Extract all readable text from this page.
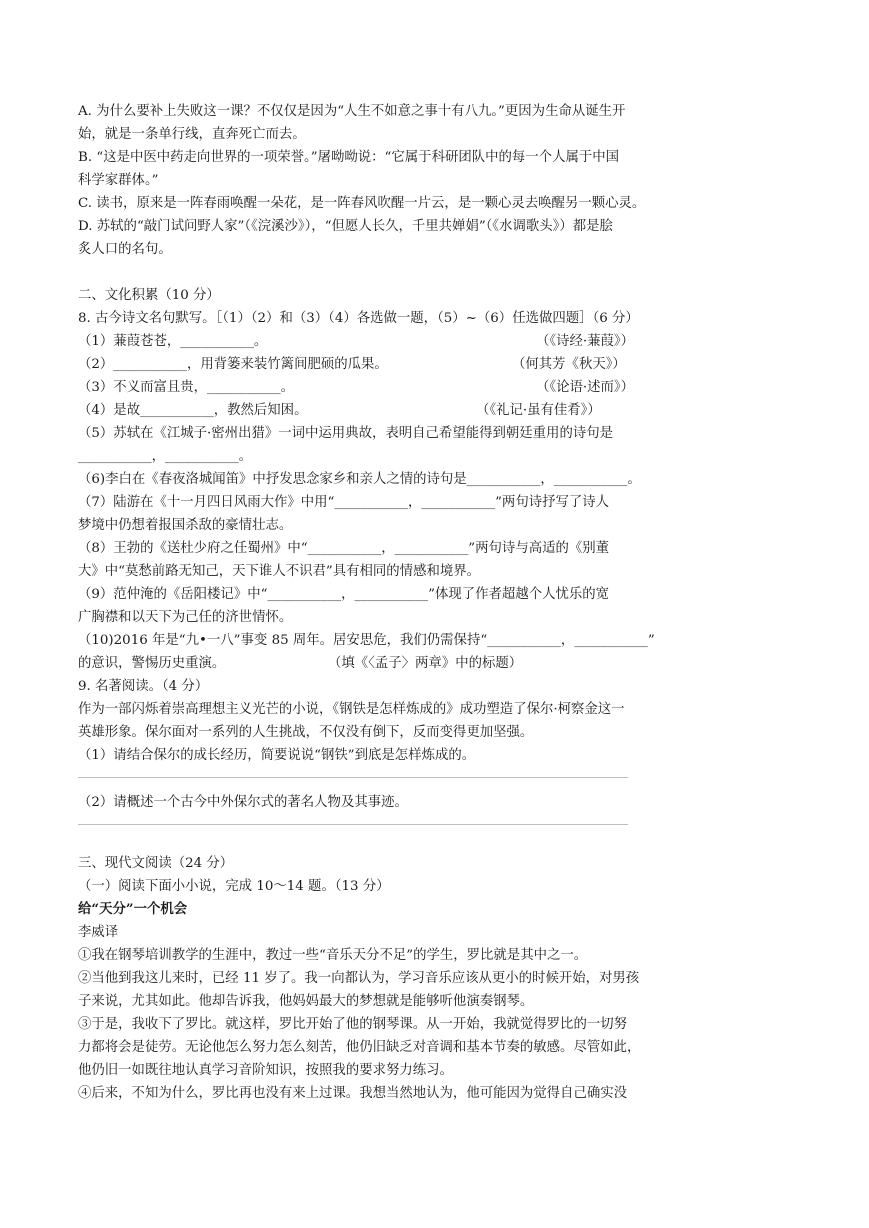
A. 为什么要补上失败这一课？不仅仅是因为“人生不如意之事十有八九。”更因为生命从诞生开
始，就是一条单行线，直奔死亡而去。
B. “这是中医中药走向世界的一项荣誉。”屠呦呦说：“它属于科研团队中的每一个人属于中国
科学家群体。”
C. 读书，原来是一阵春雨唤醒一朵花，是一阵春风吹醒一片云，是一颗心灵去唤醒另一颗心灵。
D. 苏轼的“敲门试问野人家”（《浣溪沙》），“但愿人长久，千里共婵娟”（《水调歌头》）都是脍
炙人口的名句。
二、文化积累（10 分）
8. 古今诗文名句默写。［（1）（2）和（3）（4）各选做一题，（5）~（6）任选做四题］（6 分）
（1）蒹葭苍苍，___________。	（《诗经·蒹葭》）
（2）___________，用背篓来装竹篱间肥硕的瓜果。	（何其芳《秋天》）
（3）不义而富且贵，___________。	（《论语·述而》）
（4）是故___________，教然后知困。	（《礼记·虽有佳肴》）
（5）苏轼在《江城子·密州出猎》一词中运用典故，表明自己希望能得到朝廷重用的诗句是
___________，___________。
（6)李白在《春夜洛城闻笛》中抒发思念家乡和亲人之情的诗句是___________，___________。
（7）陆游在《十一月四日风雨大作》中用“___________，___________”两句诗抒写了诗人
梦境中仍想着报国杀敌的豪情壮志。
（8）王勃的《送杜少府之任蜀州》中“___________，___________”两句诗与高适的《别董
大》中“莫愁前路无知己，天下谁人不识君”具有相同的情感和境界。
（9）范仲淹的《岳阳楼记》中“___________，___________”体现了作者超越个人忧乐的宽
广胸襟和以天下为己任的济世情怀。
（10)2016 年是“九•一八”事变 85 周年。居安思危，我们仍需保持“___________，___________”
的意识，警惕历史重演。	（填《〈孟子〉两章》中的标题）
9. 名著阅读。（4 分）
作为一部闪烁着崇高理想主义光芒的小说，《钢铁是怎样炼成的》成功塑造了保尔·柯察金这一
英雄形象。保尔面对一系列的人生挑战，不仅没有倒下，反而变得更加坚强。
（1）请结合保尔的成长经历，简要说说“钢铁”到底是怎样炼成的。
（2）请概述一个古今中外保尔式的著名人物及其事迹。
三、现代文阅读（24 分）
（一）阅读下面小小说，完成 10～14 题。（13 分）
给“天分”一个机会
李威译
①我在钢琴培训教学的生涯中，教过一些“音乐天分不足”的学生，罗比就是其中之一。
②当他到我这儿来时，已经 11 岁了。我一向都认为，学习音乐应该从更小的时候开始，对男孩
子来说，尤其如此。他却告诉我，他妈妈最大的梦想就是能够听他演奏钢琴。
③于是，我收下了罗比。就这样，罗比开始了他的钢琴课。从一开始，我就觉得罗比的一切努
力都将会是徒劳。无论他怎么努力怎么刻苦，他仍旧缺乏对音调和基本节奏的敏感。尽管如此，
他仍旧一如既往地认真学习音阶知识，按照我的要求努力练习。
④后来，不知为什么，罗比再也没有来上过课。我想当然地认为，他可能因为觉得自己确实没
